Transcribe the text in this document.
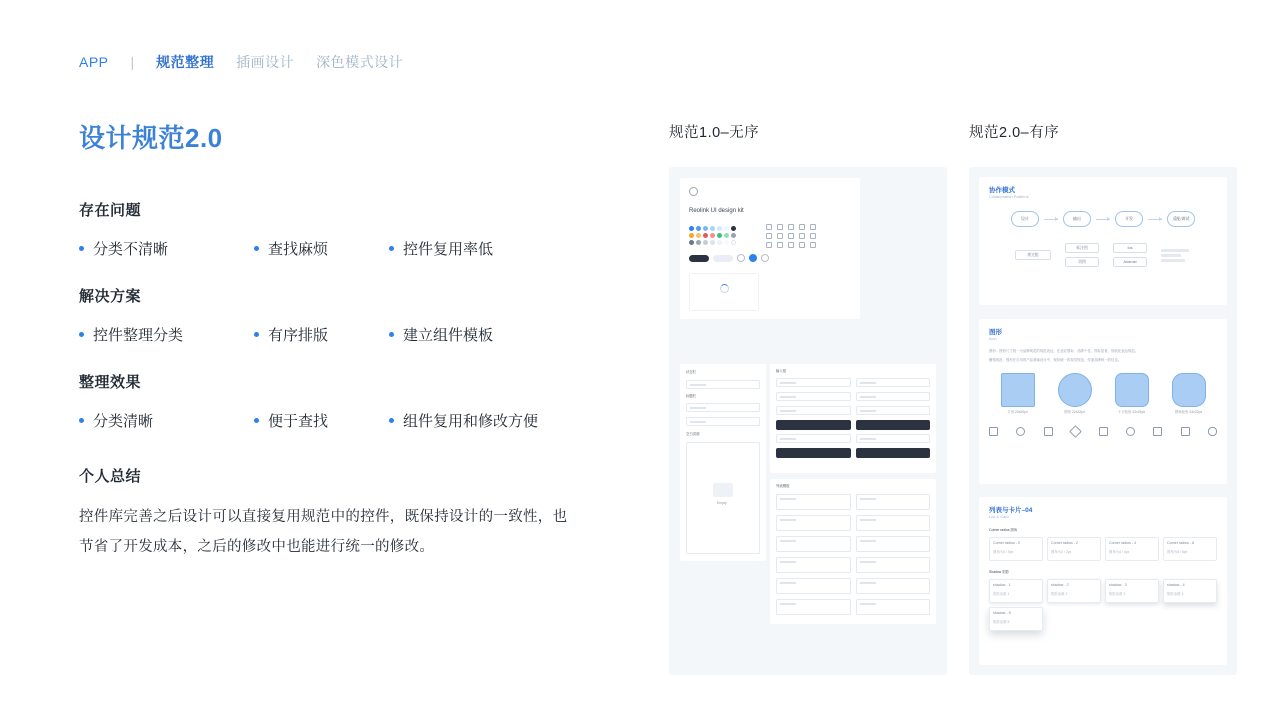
APP | 规范整理 插画设计 深色模式设计
设计规范2.0
存在问题
分类不清晰	查找麻烦	控件复用率低
解决方案
控件整理分类	有序排版	建立组件模板
整理效果
分类清晰	便于查找	组件复用和修改方便
个人总结
控件库完善之后设计可以直接复用规范中的控件，既保持设计的一致性，也节省了开发成本，之后的修改中也能进行统一的修改。
规范1.0–无序
Reolink UI design kit
状态栏
标题栏
空白页面
Empty
输入框
列表模板
规范2.0–有序
协作模式
Collaboration Patterns
设计	输出	开发	适配/调试
规定组
标注图
切图
Ios
Android
图形
Icon
图形：图形尺寸统一为品牌规范的规范表达，在适应图标、品牌个性、图标显著、细致化表达规范。
栅格规范：图形在应用的产品基础设计中、保持统一的视觉规范，传递品牌统一的信息。
方形 20x20px	圆形 22x22px	十字矩形 22x24px	圆角矩形 24x22px
列表与卡片–04
List & Card
Corner radius 圆角
Corner radius - 0
圆角为0 / 0px
Corner radius - 2
圆角为2 / 2px
Corner radius - 4
圆角为4 / 4px
Corner radius - 8
圆角为8 / 8px
Shadow 阴影
shadow - 1
阴影参数 1
shadow - 2
阴影参数 2
shadow - 3
阴影参数 3
shadow - 4
阴影参数 4
shadow - 5
阴影参数 5
